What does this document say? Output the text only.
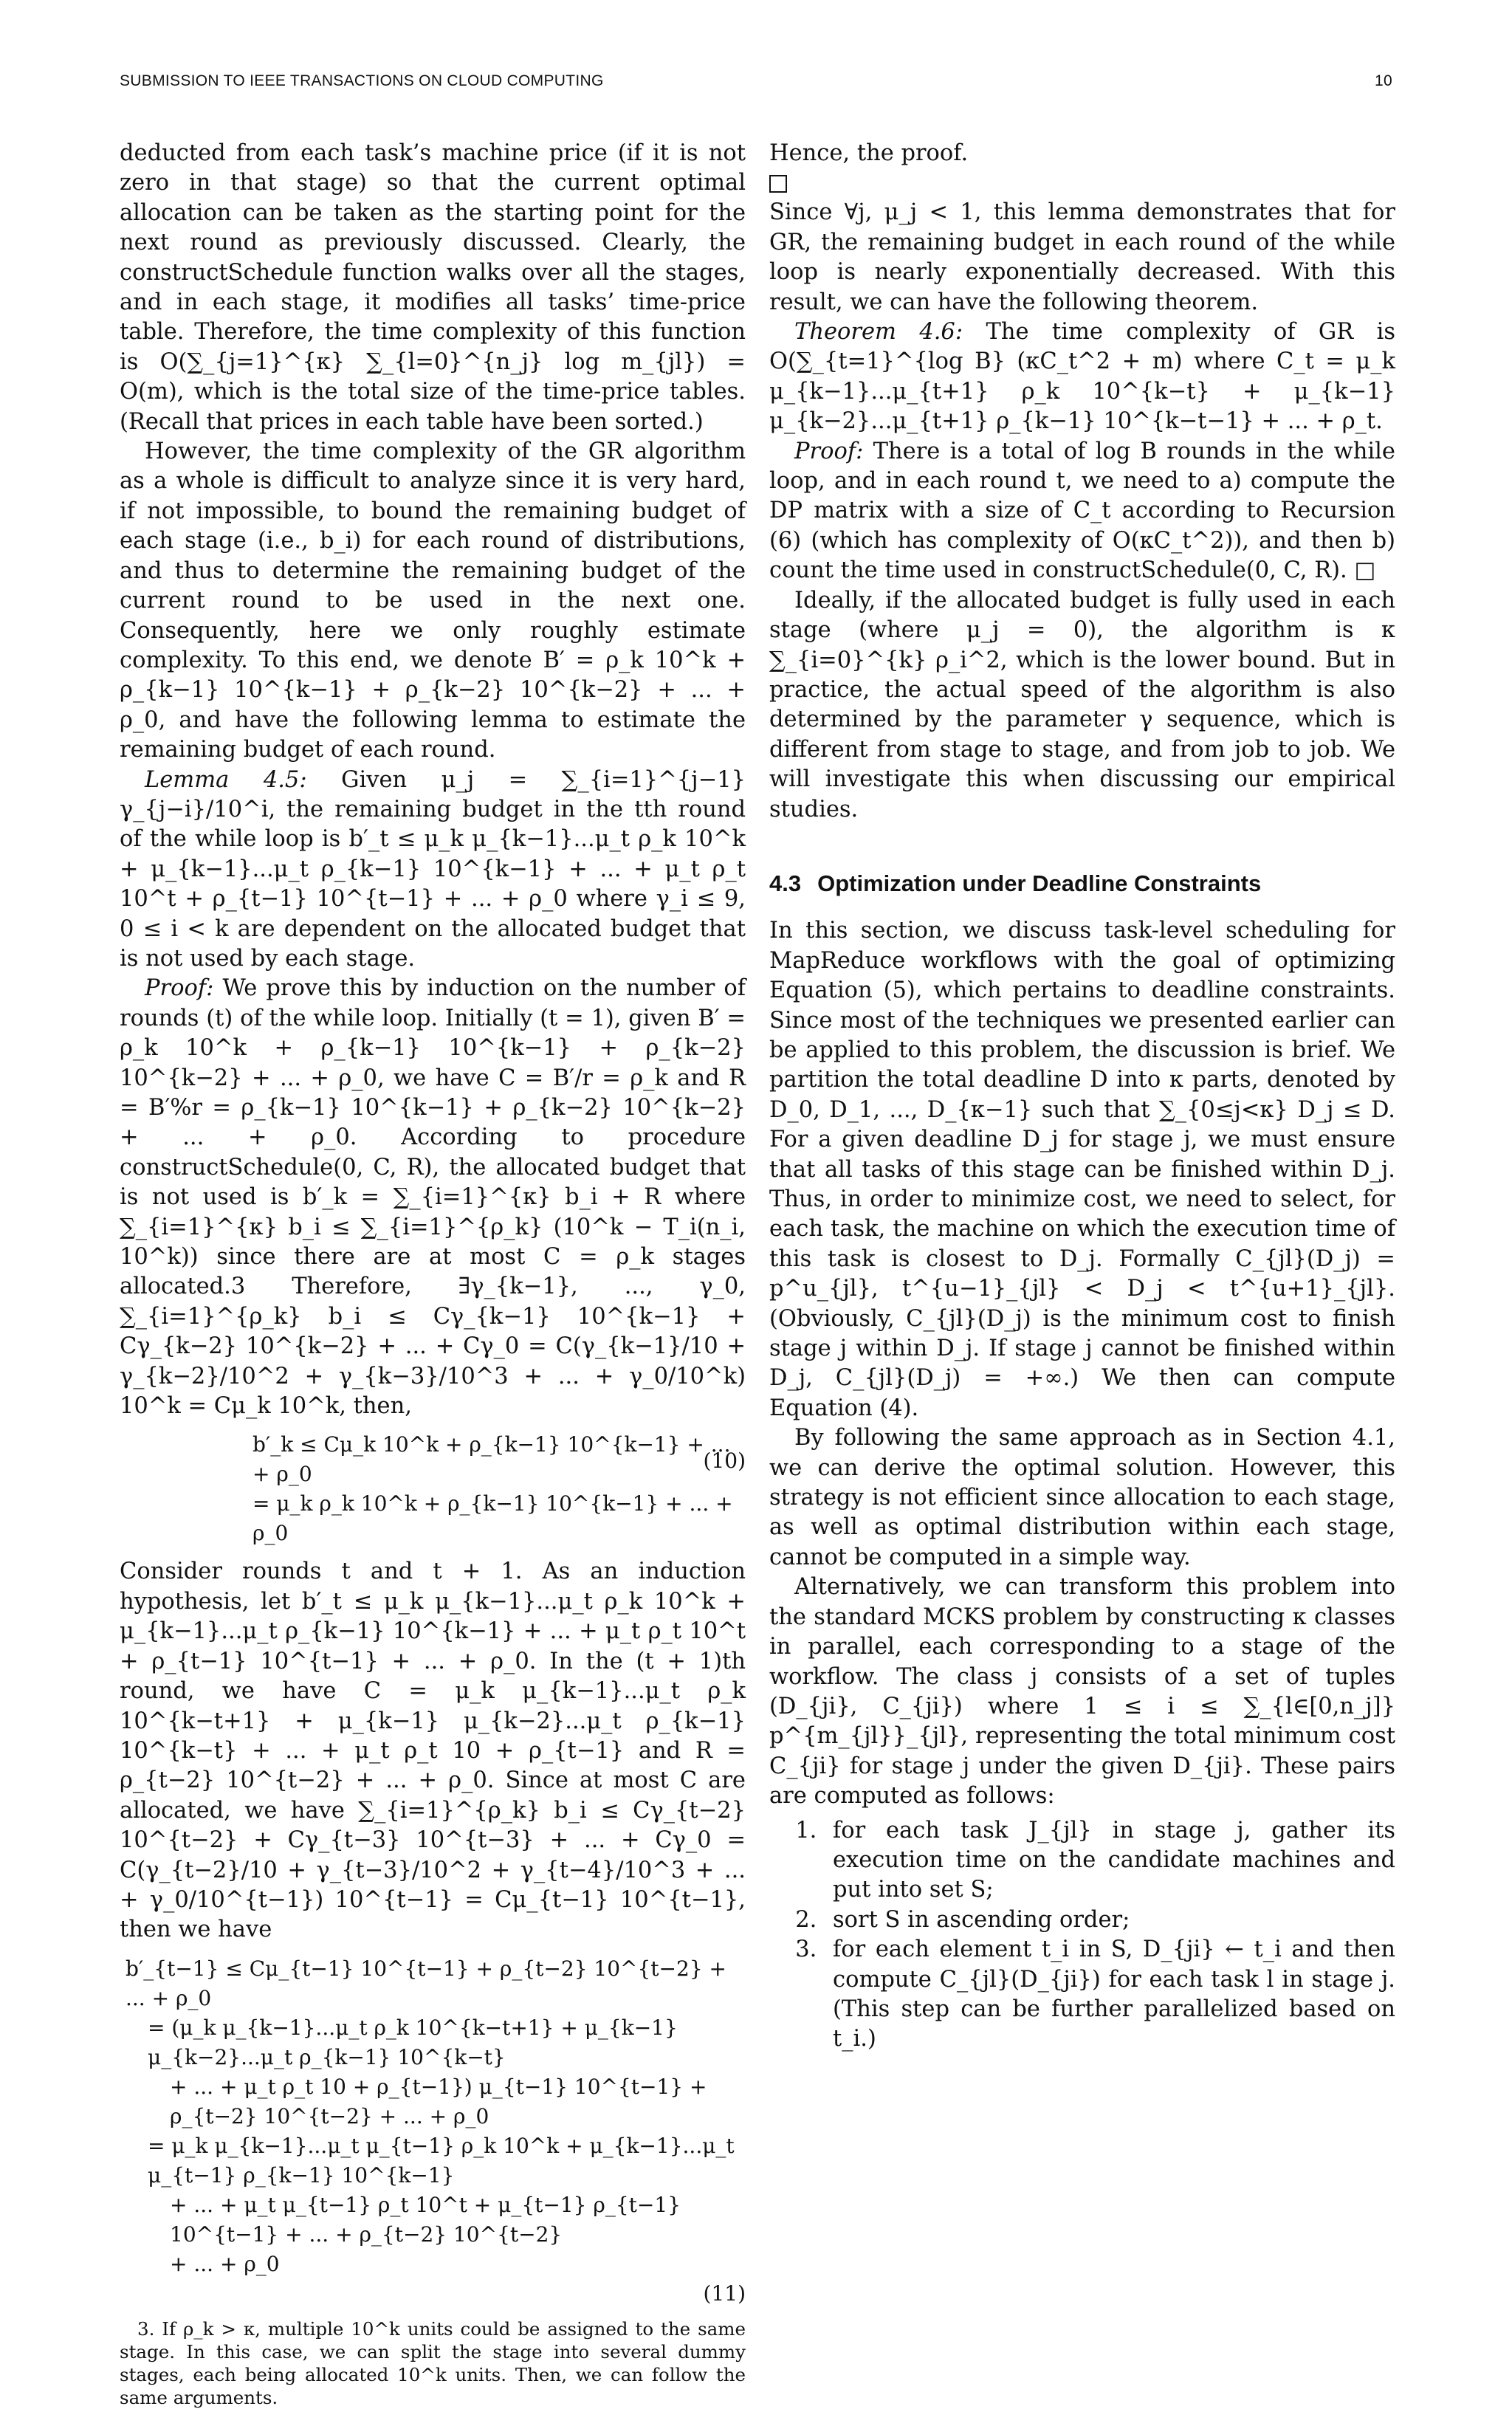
SUBMISSION TO IEEE TRANSACTIONS ON CLOUD COMPUTING	10

deducted from each task’s machine price (if it is not zero in that stage) so that the current optimal allocation can be taken as the starting point for the next round as previously discussed. Clearly, the constructSchedule function walks over all the stages, and in each stage, it modifies all tasks’ time-price table. Therefore, the time complexity of this function is O(∑_{j=1}^{κ} ∑_{l=0}^{n_j} log m_{jl}) = O(m), which is the total size of the time-price tables. (Recall that prices in each table have been sorted.)

However, the time complexity of the GR algorithm as a whole is difficult to analyze since it is very hard, if not impossible, to bound the remaining budget of each stage (i.e., b_i) for each round of distributions, and thus to determine the remaining budget of the current round to be used in the next one. Consequently, here we only roughly estimate complexity. To this end, we denote B′ = ρ_k 10^k + ρ_{k−1} 10^{k−1} + ρ_{k−2} 10^{k−2} + ... + ρ_0, and have the following lemma to estimate the remaining budget of each round.

Lemma 4.5: Given μ_j = ∑_{i=1}^{j−1} γ_{j−i}/10^i, the remaining budget in the tth round of the while loop is b′_t ≤ μ_k μ_{k−1}...μ_t ρ_k 10^k + μ_{k−1}...μ_t ρ_{k−1} 10^{k−1} + ... + μ_t ρ_t 10^t + ρ_{t−1} 10^{t−1} + ... + ρ_0 where γ_i ≤ 9, 0 ≤ i < k are dependent on the allocated budget that is not used by each stage.

Proof: We prove this by induction on the number of rounds (t) of the while loop. Initially (t = 1), given B′ = ρ_k 10^k + ρ_{k−1} 10^{k−1} + ρ_{k−2} 10^{k−2} + ... + ρ_0, we have C = B′/r = ρ_k and R = B′%r = ρ_{k−1} 10^{k−1} + ρ_{k−2} 10^{k−2} + ... + ρ_0. According to procedure constructSchedule(0, C, R), the allocated budget that is not used is b′_k = ∑_{i=1}^{κ} b_i + R where ∑_{i=1}^{κ} b_i ≤ ∑_{i=1}^{ρ_k} (10^k − T_i(n_i, 10^k)) since there are at most C = ρ_k stages allocated.3 Therefore, ∃γ_{k−1}, ..., γ_0, ∑_{i=1}^{ρ_k} b_i ≤ Cγ_{k−1} 10^{k−1} + Cγ_{k−2} 10^{k−2} + ... + Cγ_0 = C(γ_{k−1}/10 + γ_{k−2}/10^2 + γ_{k−3}/10^3 + ... + γ_0/10^k) 10^k = Cμ_k 10^k, then,

(10)
b′_k ≤ Cμ_k 10^k + ρ_{k−1} 10^{k−1} + ... + ρ_0
= μ_k ρ_k 10^k + ρ_{k−1} 10^{k−1} + ... + ρ_0

Consider rounds t and t + 1. As an induction hypothesis, let b′_t ≤ μ_k μ_{k−1}...μ_t ρ_k 10^k + μ_{k−1}...μ_t ρ_{k−1} 10^{k−1} + ... + μ_t ρ_t 10^t + ρ_{t−1} 10^{t−1} + ... + ρ_0. In the (t + 1)th round, we have C = μ_k μ_{k−1}...μ_t ρ_k 10^{k−t+1} + μ_{k−1} μ_{k−2}...μ_t ρ_{k−1} 10^{k−t} + ... + μ_t ρ_t 10 + ρ_{t−1} and R = ρ_{t−2} 10^{t−2} + ... + ρ_0. Since at most C are allocated, we have ∑_{i=1}^{ρ_k} b_i ≤ Cγ_{t−2} 10^{t−2} + Cγ_{t−3} 10^{t−3} + ... + Cγ_0 = C(γ_{t−2}/10 + γ_{t−3}/10^2 + γ_{t−4}/10^3 + ... + γ_0/10^{t−1}) 10^{t−1} = Cμ_{t−1} 10^{t−1}, then we have

b′_{t−1} ≤ Cμ_{t−1} 10^{t−1} + ρ_{t−2} 10^{t−2} + ... + ρ_0
= (μ_k μ_{k−1}...μ_t ρ_k 10^{k−t+1} + μ_{k−1} μ_{k−2}...μ_t ρ_{k−1} 10^{k−t}
+ ... + μ_t ρ_t 10 + ρ_{t−1}) μ_{t−1} 10^{t−1} + ρ_{t−2} 10^{t−2} + ... + ρ_0
= μ_k μ_{k−1}...μ_t μ_{t−1} ρ_k 10^k + μ_{k−1}...μ_t μ_{t−1} ρ_{k−1} 10^{k−1}
+ ... + μ_t μ_{t−1} ρ_t 10^t + μ_{t−1} ρ_{t−1} 10^{t−1} + ... + ρ_{t−2} 10^{t−2}
+ ... + ρ_0
(11)

3. If ρ_k > κ, multiple 10^k units could be assigned to the same stage. In this case, we can split the stage into several dummy stages, each being allocated 10^k units. Then, we can follow the same arguments.

Hence, the proof.

Since ∀j, μ_j < 1, this lemma demonstrates that for GR, the remaining budget in each round of the while loop is nearly exponentially decreased. With this result, we can have the following theorem.

Theorem 4.6: The time complexity of GR is O(∑_{t=1}^{log B} (κC_t^2 + m) where C_t = μ_k μ_{k−1}...μ_{t+1} ρ_k 10^{k−t} + μ_{k−1} μ_{k−2}...μ_{t+1} ρ_{k−1} 10^{k−t−1} + ... + ρ_t.

Proof: There is a total of log B rounds in the while loop, and in each round t, we need to a) compute the DP matrix with a size of C_t according to Recursion (6) (which has complexity of O(κC_t^2)), and then b) count the time used in constructSchedule(0, C, R). □

Ideally, if the allocated budget is fully used in each stage (where μ_j = 0), the algorithm is κ ∑_{i=0}^{k} ρ_i^2, which is the lower bound. But in practice, the actual speed of the algorithm is also determined by the parameter γ sequence, which is different from stage to stage, and from job to job. We will investigate this when discussing our empirical studies.

4.3 Optimization under Deadline Constraints

In this section, we discuss task-level scheduling for MapReduce workflows with the goal of optimizing Equation (5), which pertains to deadline constraints. Since most of the techniques we presented earlier can be applied to this problem, the discussion is brief. We partition the total deadline D into κ parts, denoted by D_0, D_1, ..., D_{κ−1} such that ∑_{0≤j<κ} D_j ≤ D. For a given deadline D_j for stage j, we must ensure that all tasks of this stage can be finished within D_j. Thus, in order to minimize cost, we need to select, for each task, the machine on which the execution time of this task is closest to D_j. Formally C_{jl}(D_j) = p^u_{jl}, t^{u−1}_{jl} < D_j < t^{u+1}_{jl}. (Obviously, C_{jl}(D_j) is the minimum cost to finish stage j within D_j. If stage j cannot be finished within D_j, C_{jl}(D_j) = +∞.) We then can compute Equation (4).

By following the same approach as in Section 4.1, we can derive the optimal solution. However, this strategy is not efficient since allocation to each stage, as well as optimal distribution within each stage, cannot be computed in a simple way.

Alternatively, we can transform this problem into the standard MCKS problem by constructing κ classes in parallel, each corresponding to a stage of the workflow. The class j consists of a set of tuples (D_{ji}, C_{ji}) where 1 ≤ i ≤ ∑_{l∈[0,n_j]} p^{m_{jl}}_{jl}, representing the total minimum cost C_{ji} for stage j under the given D_{ji}. These pairs are computed as follows:

1. for each task J_{jl} in stage j, gather its execution time on the candidate machines and put into set S;
2. sort S in ascending order;
3. for each element t_i in S, D_{ji} ← t_i and then compute C_{jl}(D_{ji}) for each task l in stage j. (This step can be further parallelized based on t_i.)
